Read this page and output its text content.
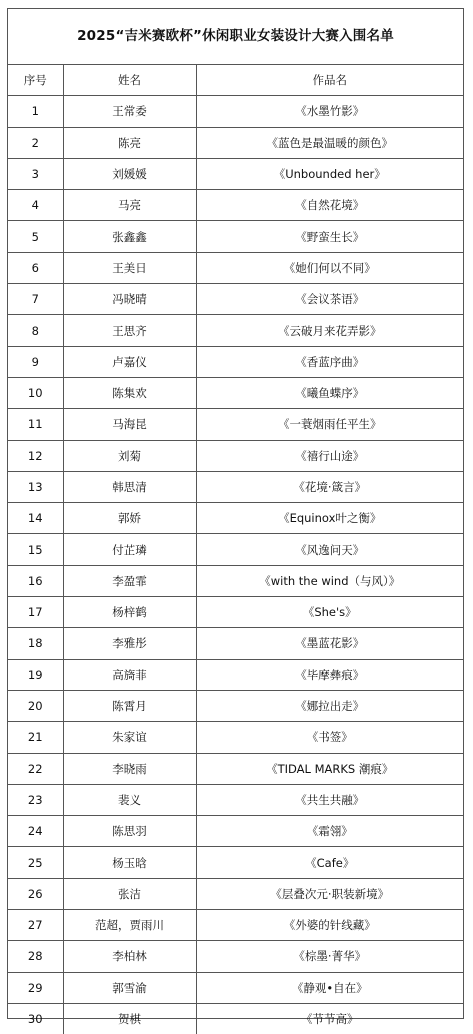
2025“吉米赛欧杯”休闲职业女装设计大赛入围名单
序号	姓名	作品名
1	王常委	《水墨竹影》
2	陈亮	《蓝色是最温暖的颜色》
3	刘媛媛	《Unbounded her》
4	马亮	《自然花境》
5	张鑫鑫	《野蛮生长》
6	王美日	《她们何以不同》
7	冯晓晴	《会议茶语》
8	王思齐	《云破月来花弄影》
9	卢嘉仪	《香蓝序曲》
10	陈集欢	《曦鱼蝶序》
11	马海昆	《一蓑烟雨任平生》
12	刘菊	《禧行山途》
13	韩思清	《花境·箴言》
14	郭娇	《Equinox叶之衡》
15	付芷璘	《风逸问天》
16	李盈霏	《with the wind（与风）》
17	杨梓鹤	《She's》
18	李雅彤	《墨蓝花影》
19	高旖菲	《毕摩彝痕》
20	陈霄月	《娜拉出走》
21	朱家谊	《书签》
22	李晓雨	《TIDAL MARKS 潮痕》
23	裴义	《共生共融》
24	陈思羽	《霜翎》
25	杨玉晗	《Cafe》
26	张洁	《层叠次元·职装新境》
27	范超，贾雨川	《外婆的针线藏》
28	李柏林	《棕墨·菁华》
29	郭雪渝	《静观•自在》
30	贺棋	《节节高》
